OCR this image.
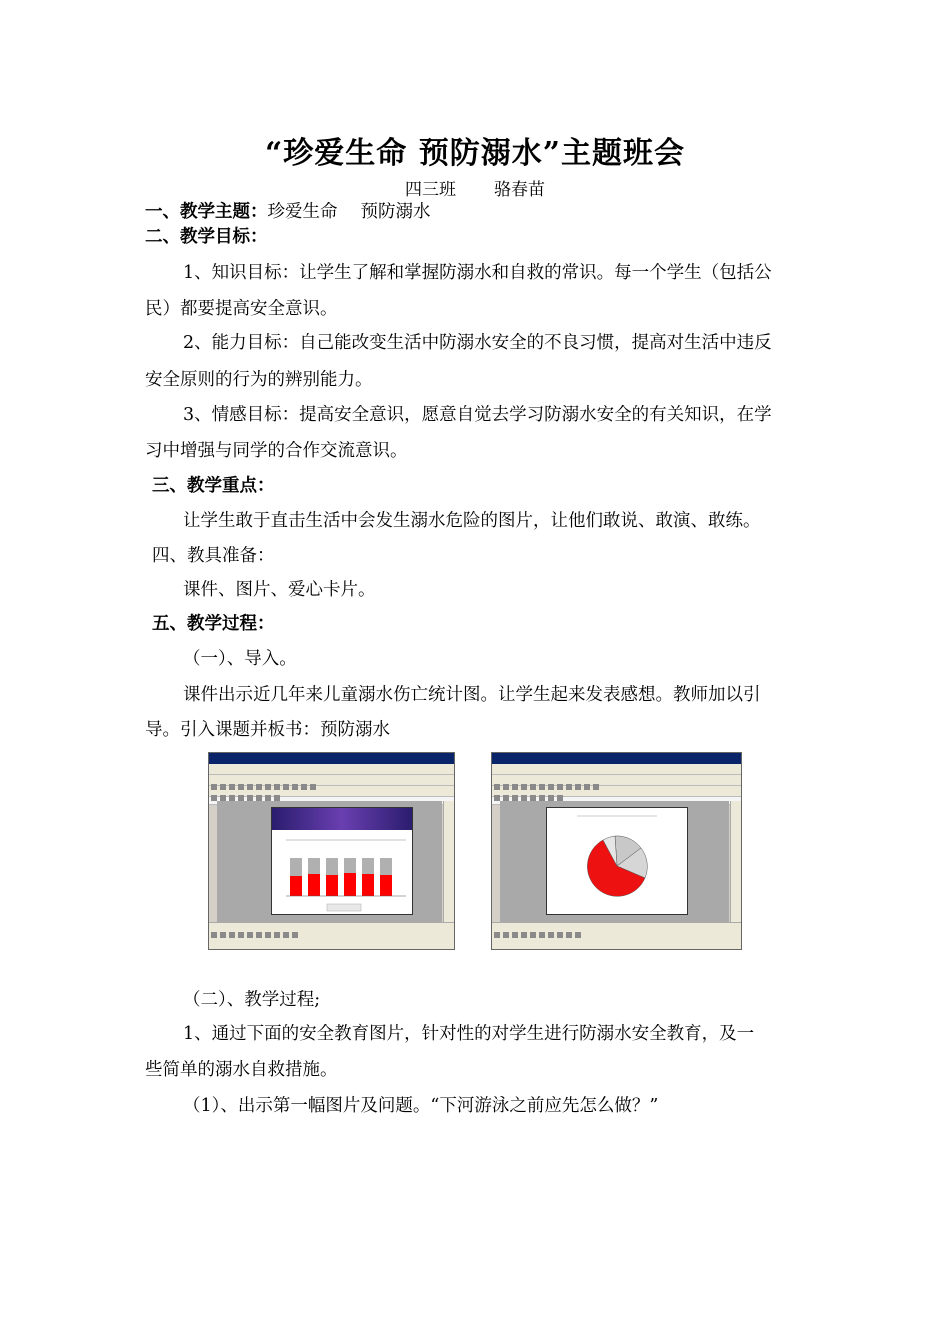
“珍爱生命 预防溺水”主题班会
四三班 骆春苗
一、教学主题：珍爱生命　 预防溺水
二、教学目标：
1、知识目标：让学生了解和掌握防溺水和自救的常识。每一个学生（包括公
民）都要提高安全意识。
2、能力目标：自己能改变生活中防溺水安全的不良习惯，提高对生活中违反
安全原则的行为的辨别能力。
3、情感目标：提高安全意识，愿意自觉去学习防溺水安全的有关知识，在学
习中增强与同学的合作交流意识。
三、教学重点：
让学生敢于直击生活中会发生溺水危险的图片，让他们敢说、敢演、敢练。
四、教具准备：
课件、图片、爱心卡片。
五、教学过程：
（一）、导入。
课件出示近几年来儿童溺水伤亡统计图。让学生起来发表感想。教师加以引
导。引入课题并板书：预防溺水
（二）、教学过程;
1、通过下面的安全教育图片，针对性的对学生进行防溺水安全教育，及一
些简单的溺水自救措施。
（1）、出示第一幅图片及问题。“下河游泳之前应先怎么做？”
